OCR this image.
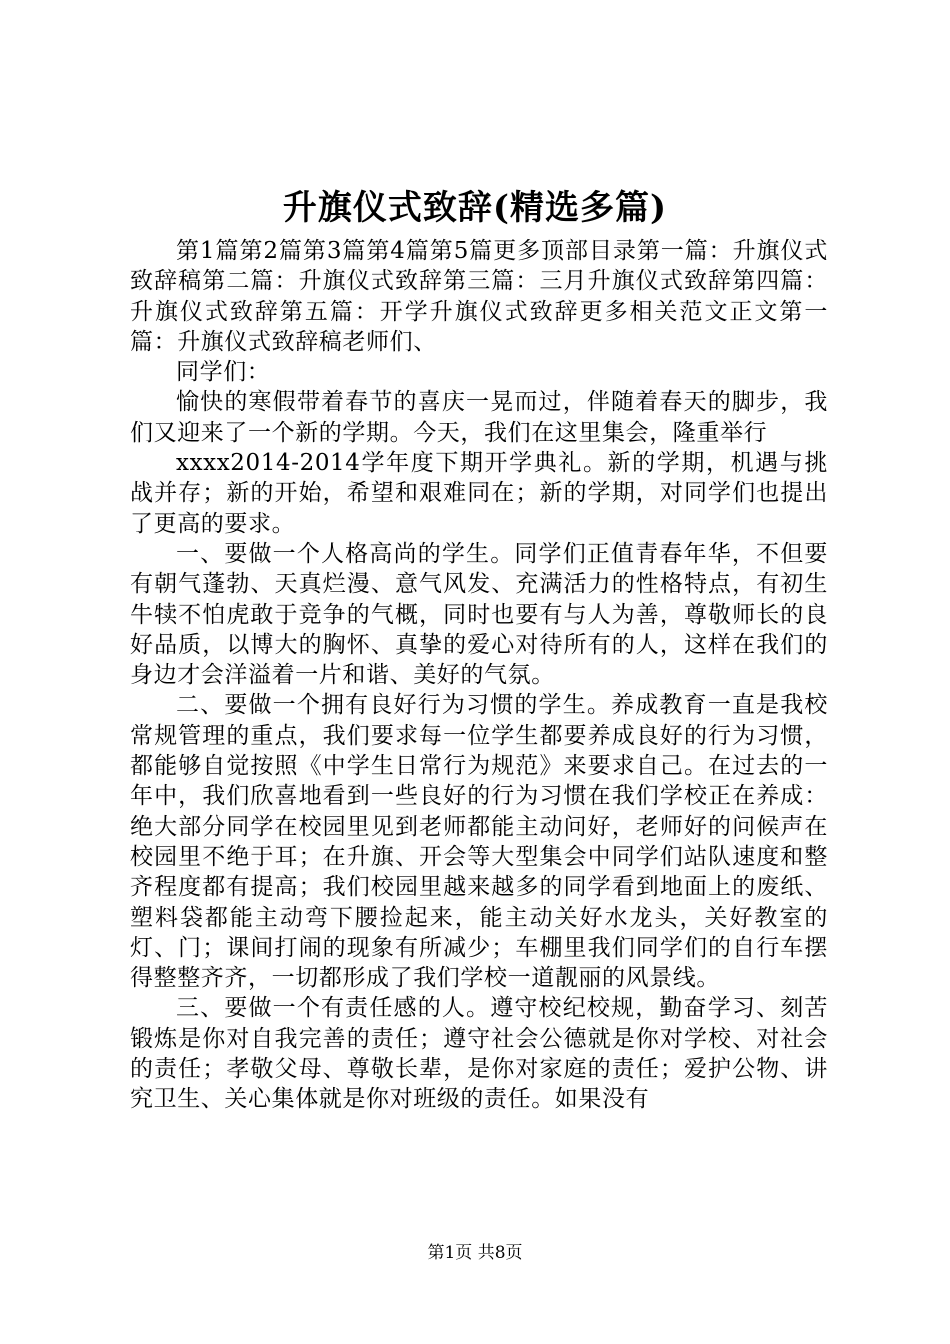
升旗仪式致辞(精选多篇)

第1篇第2篇第3篇第4篇第5篇更多顶部目录第一篇：升旗仪式致辞稿第二篇：升旗仪式致辞第三篇：三月升旗仪式致辞第四篇：升旗仪式致辞第五篇：开学升旗仪式致辞更多相关范文正文第一篇：升旗仪式致辞稿老师们、

同学们：

愉快的寒假带着春节的喜庆一晃而过，伴随着春天的脚步，我们又迎来了一个新的学期。今天，我们在这里集会，隆重举行

xxxx2014-2014学年度下期开学典礼。新的学期，机遇与挑战并存；新的开始，希望和艰难同在；新的学期，对同学们也提出了更高的要求。

一、要做一个人格高尚的学生。同学们正值青春年华，不但要有朝气蓬勃、天真烂漫、意气风发、充满活力的性格特点，有初生牛犊不怕虎敢于竞争的气概，同时也要有与人为善，尊敬师长的良好品质，以博大的胸怀、真挚的爱心对待所有的人，这样在我们的身边才会洋溢着一片和谐、美好的气氛。

二、要做一个拥有良好行为习惯的学生。养成教育一直是我校常规管理的重点，我们要求每一位学生都要养成良好的行为习惯，都能够自觉按照《中学生日常行为规范》来要求自己。在过去的一年中，我们欣喜地看到一些良好的行为习惯在我们学校正在养成：绝大部分同学在校园里见到老师都能主动问好，老师好的问候声在校园里不绝于耳；在升旗、开会等大型集会中同学们站队速度和整齐程度都有提高；我们校园里越来越多的同学看到地面上的废纸、塑料袋都能主动弯下腰捡起来，能主动关好水龙头，关好教室的灯、门；课间打闹的现象有所减少；车棚里我们同学们的自行车摆得整整齐齐，一切都形成了我们学校一道靓丽的风景线。

三、要做一个有责任感的人。遵守校纪校规，勤奋学习、刻苦锻炼是你对自我完善的责任；遵守社会公德就是你对学校、对社会的责任；孝敬父母、尊敬长辈，是你对家庭的责任；爱护公物、讲究卫生、关心集体就是你对班级的责任。如果没有

第1页 共8页
